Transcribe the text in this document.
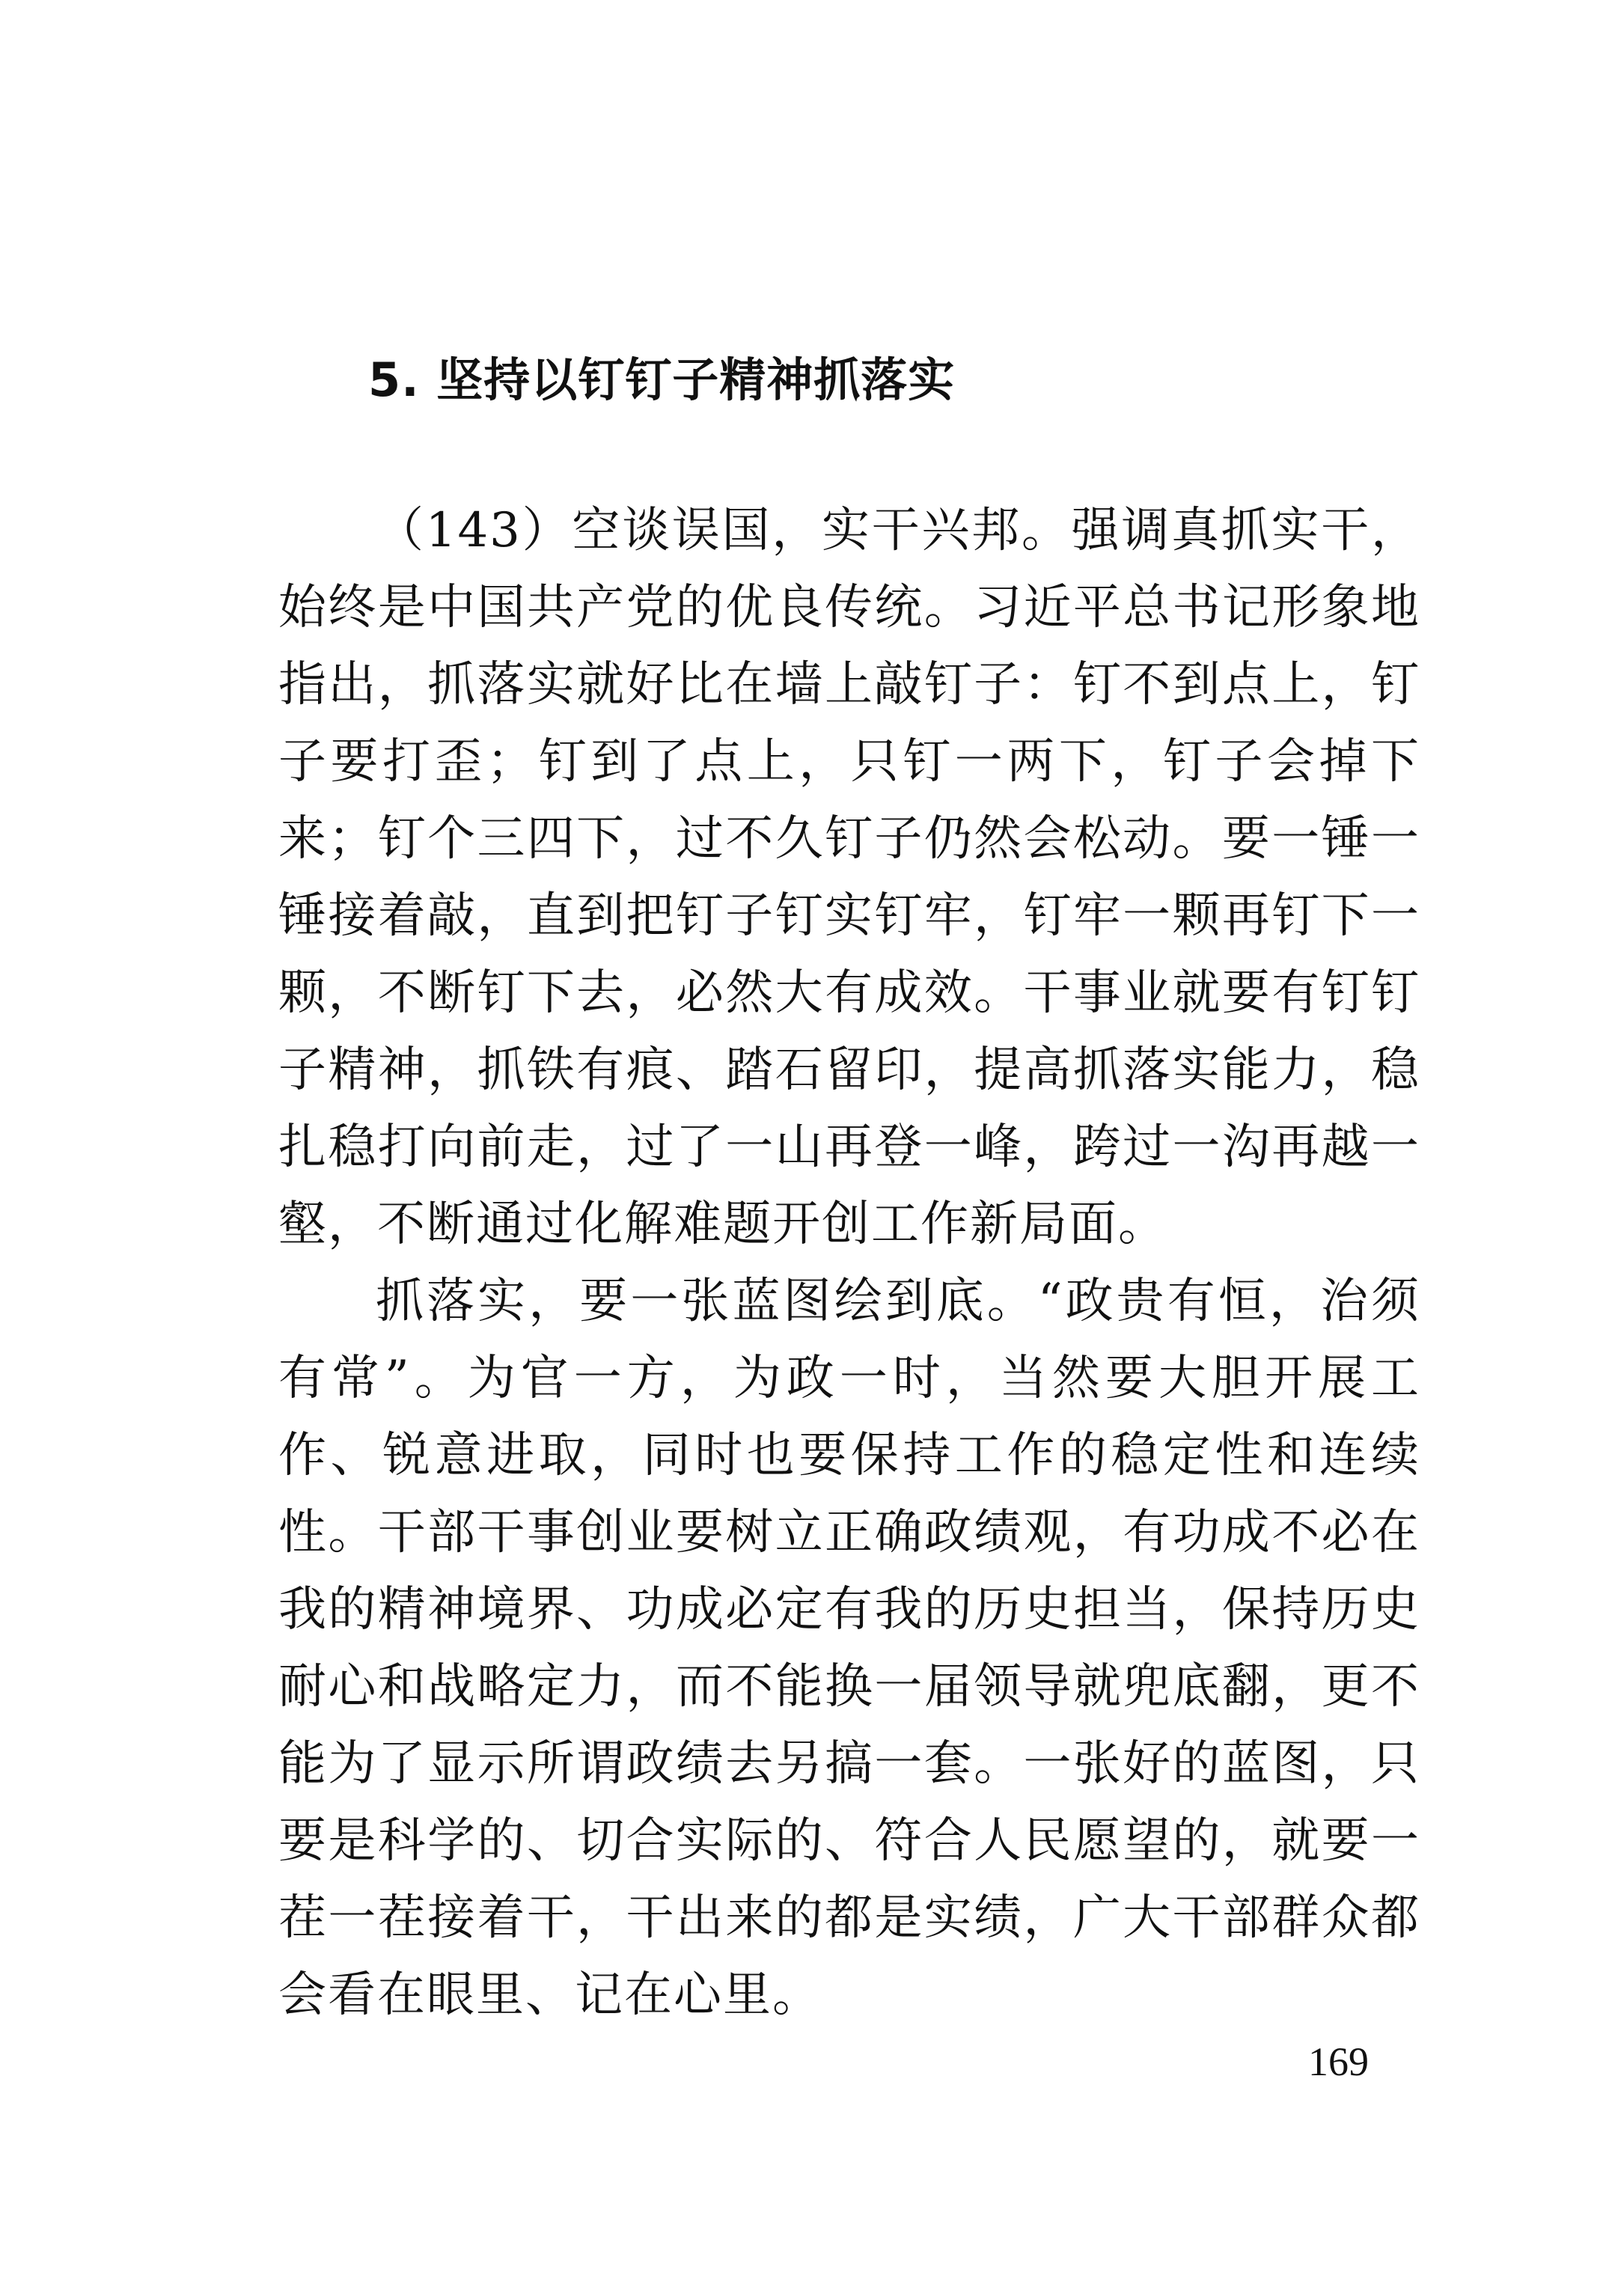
5. 坚持以钉钉子精神抓落实

（143）空谈误国，实干兴邦。强调真抓实干，始终是中国共产党的优良传统。习近平总书记形象地指出，抓落实就好比在墙上敲钉子：钉不到点上，钉子要打歪；钉到了点上，只钉一两下，钉子会掉下来；钉个三四下，过不久钉子仍然会松动。要一锤一锤接着敲，直到把钉子钉实钉牢，钉牢一颗再钉下一颗，不断钉下去，必然大有成效。干事业就要有钉钉子精神，抓铁有痕、踏石留印，提高抓落实能力，稳扎稳打向前走，过了一山再登一峰，跨过一沟再越一壑，不断通过化解难题开创工作新局面。

抓落实，要一张蓝图绘到底。“政贵有恒，治须有常”。为官一方，为政一时，当然要大胆开展工作、锐意进取，同时也要保持工作的稳定性和连续性。干部干事创业要树立正确政绩观，有功成不必在我的精神境界、功成必定有我的历史担当，保持历史耐心和战略定力，而不能换一届领导就兜底翻，更不能为了显示所谓政绩去另搞一套。一张好的蓝图，只要是科学的、切合实际的、符合人民愿望的，就要一茬一茬接着干，干出来的都是实绩，广大干部群众都会看在眼里、记在心里。

169
